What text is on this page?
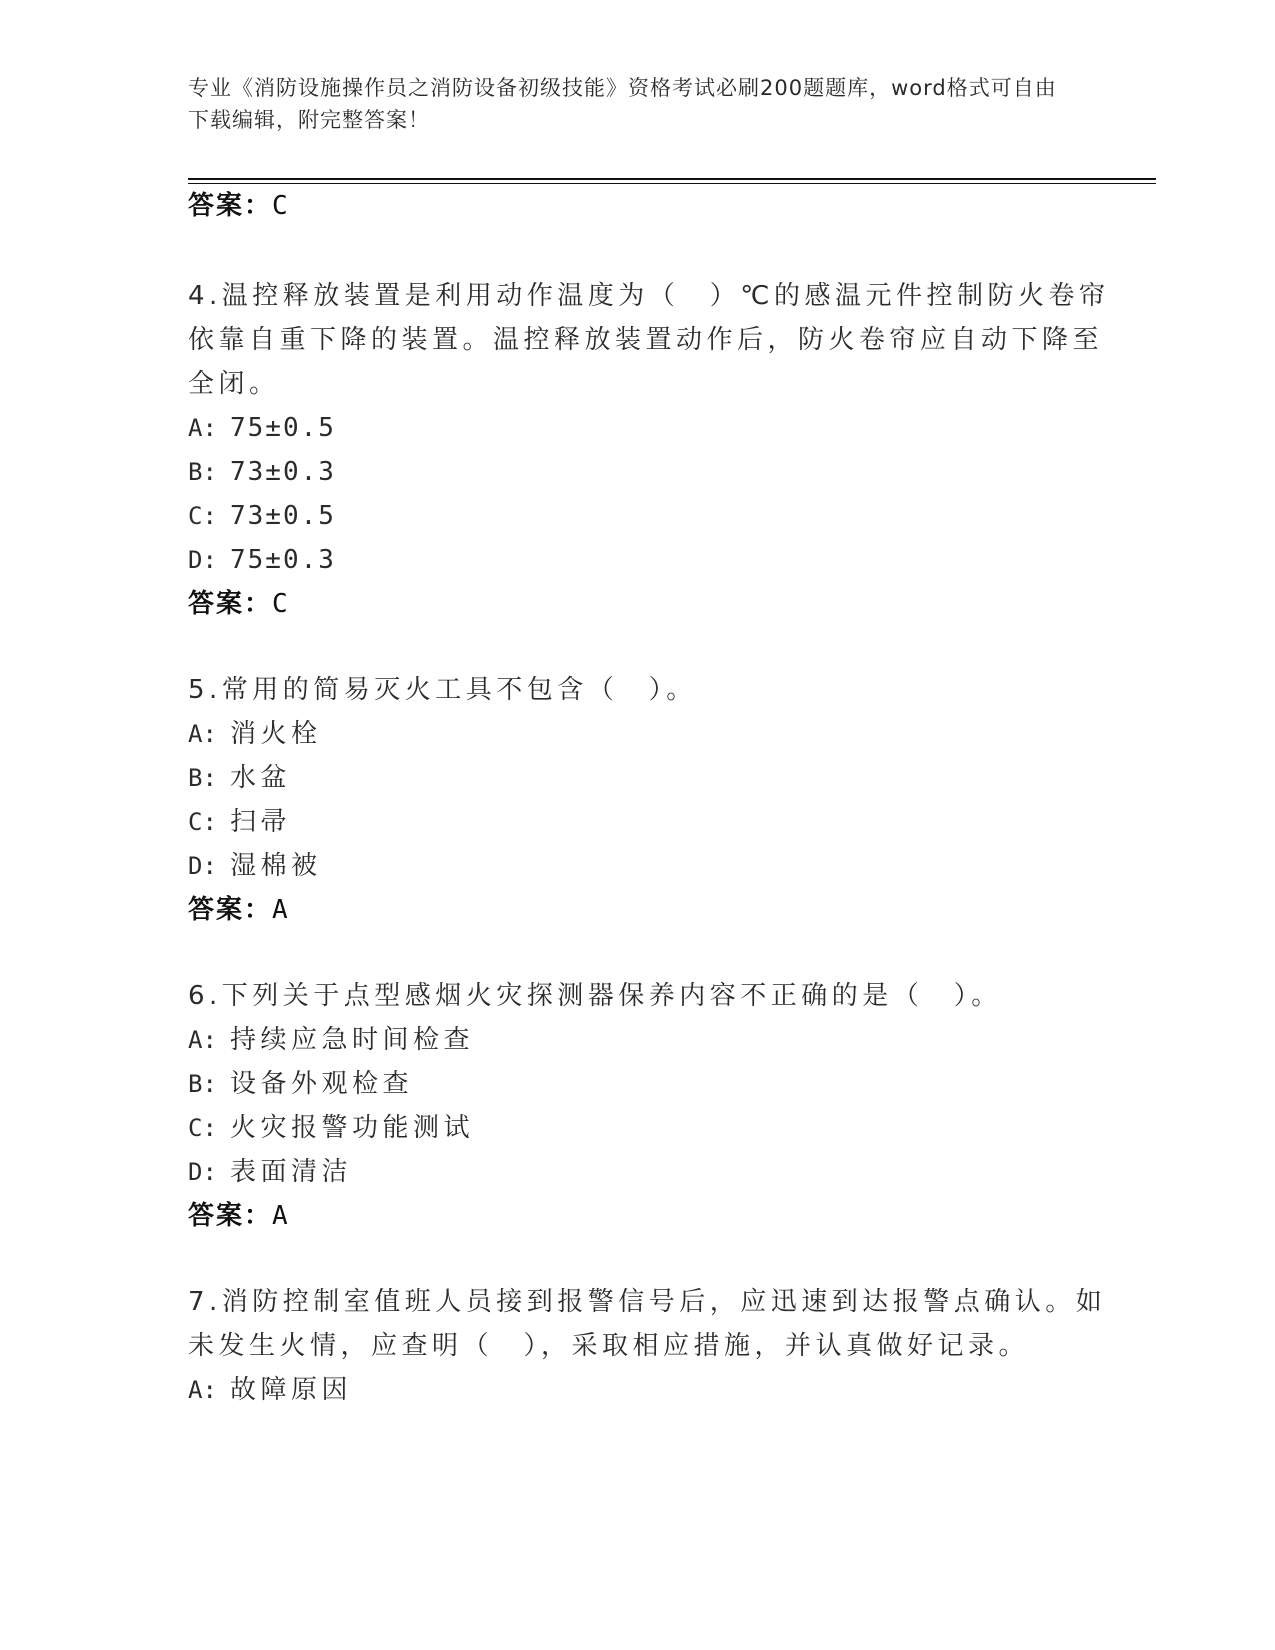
专业《消防设施操作员之消防设备初级技能》资格考试必刷200题题库，word格式可自由下载编辑，附完整答案！
答案：C
4.温控释放装置是利用动作温度为（　）℃的感温元件控制防火卷帘
依靠自重下降的装置。温控释放装置动作后，防火卷帘应自动下降至
全闭。
A: 75±0.5
B: 73±0.3
C: 73±0.5
D: 75±0.3
答案：C
5.常用的简易灭火工具不包含（　）。
A: 消火栓
B: 水盆
C: 扫帚
D: 湿棉被
答案：A
6.下列关于点型感烟火灾探测器保养内容不正确的是（　）。
A: 持续应急时间检查
B: 设备外观检查
C: 火灾报警功能测试
D: 表面清洁
答案：A
7.消防控制室值班人员接到报警信号后，应迅速到达报警点确认。如
未发生火情，应查明（　），采取相应措施，并认真做好记录。
A: 故障原因
